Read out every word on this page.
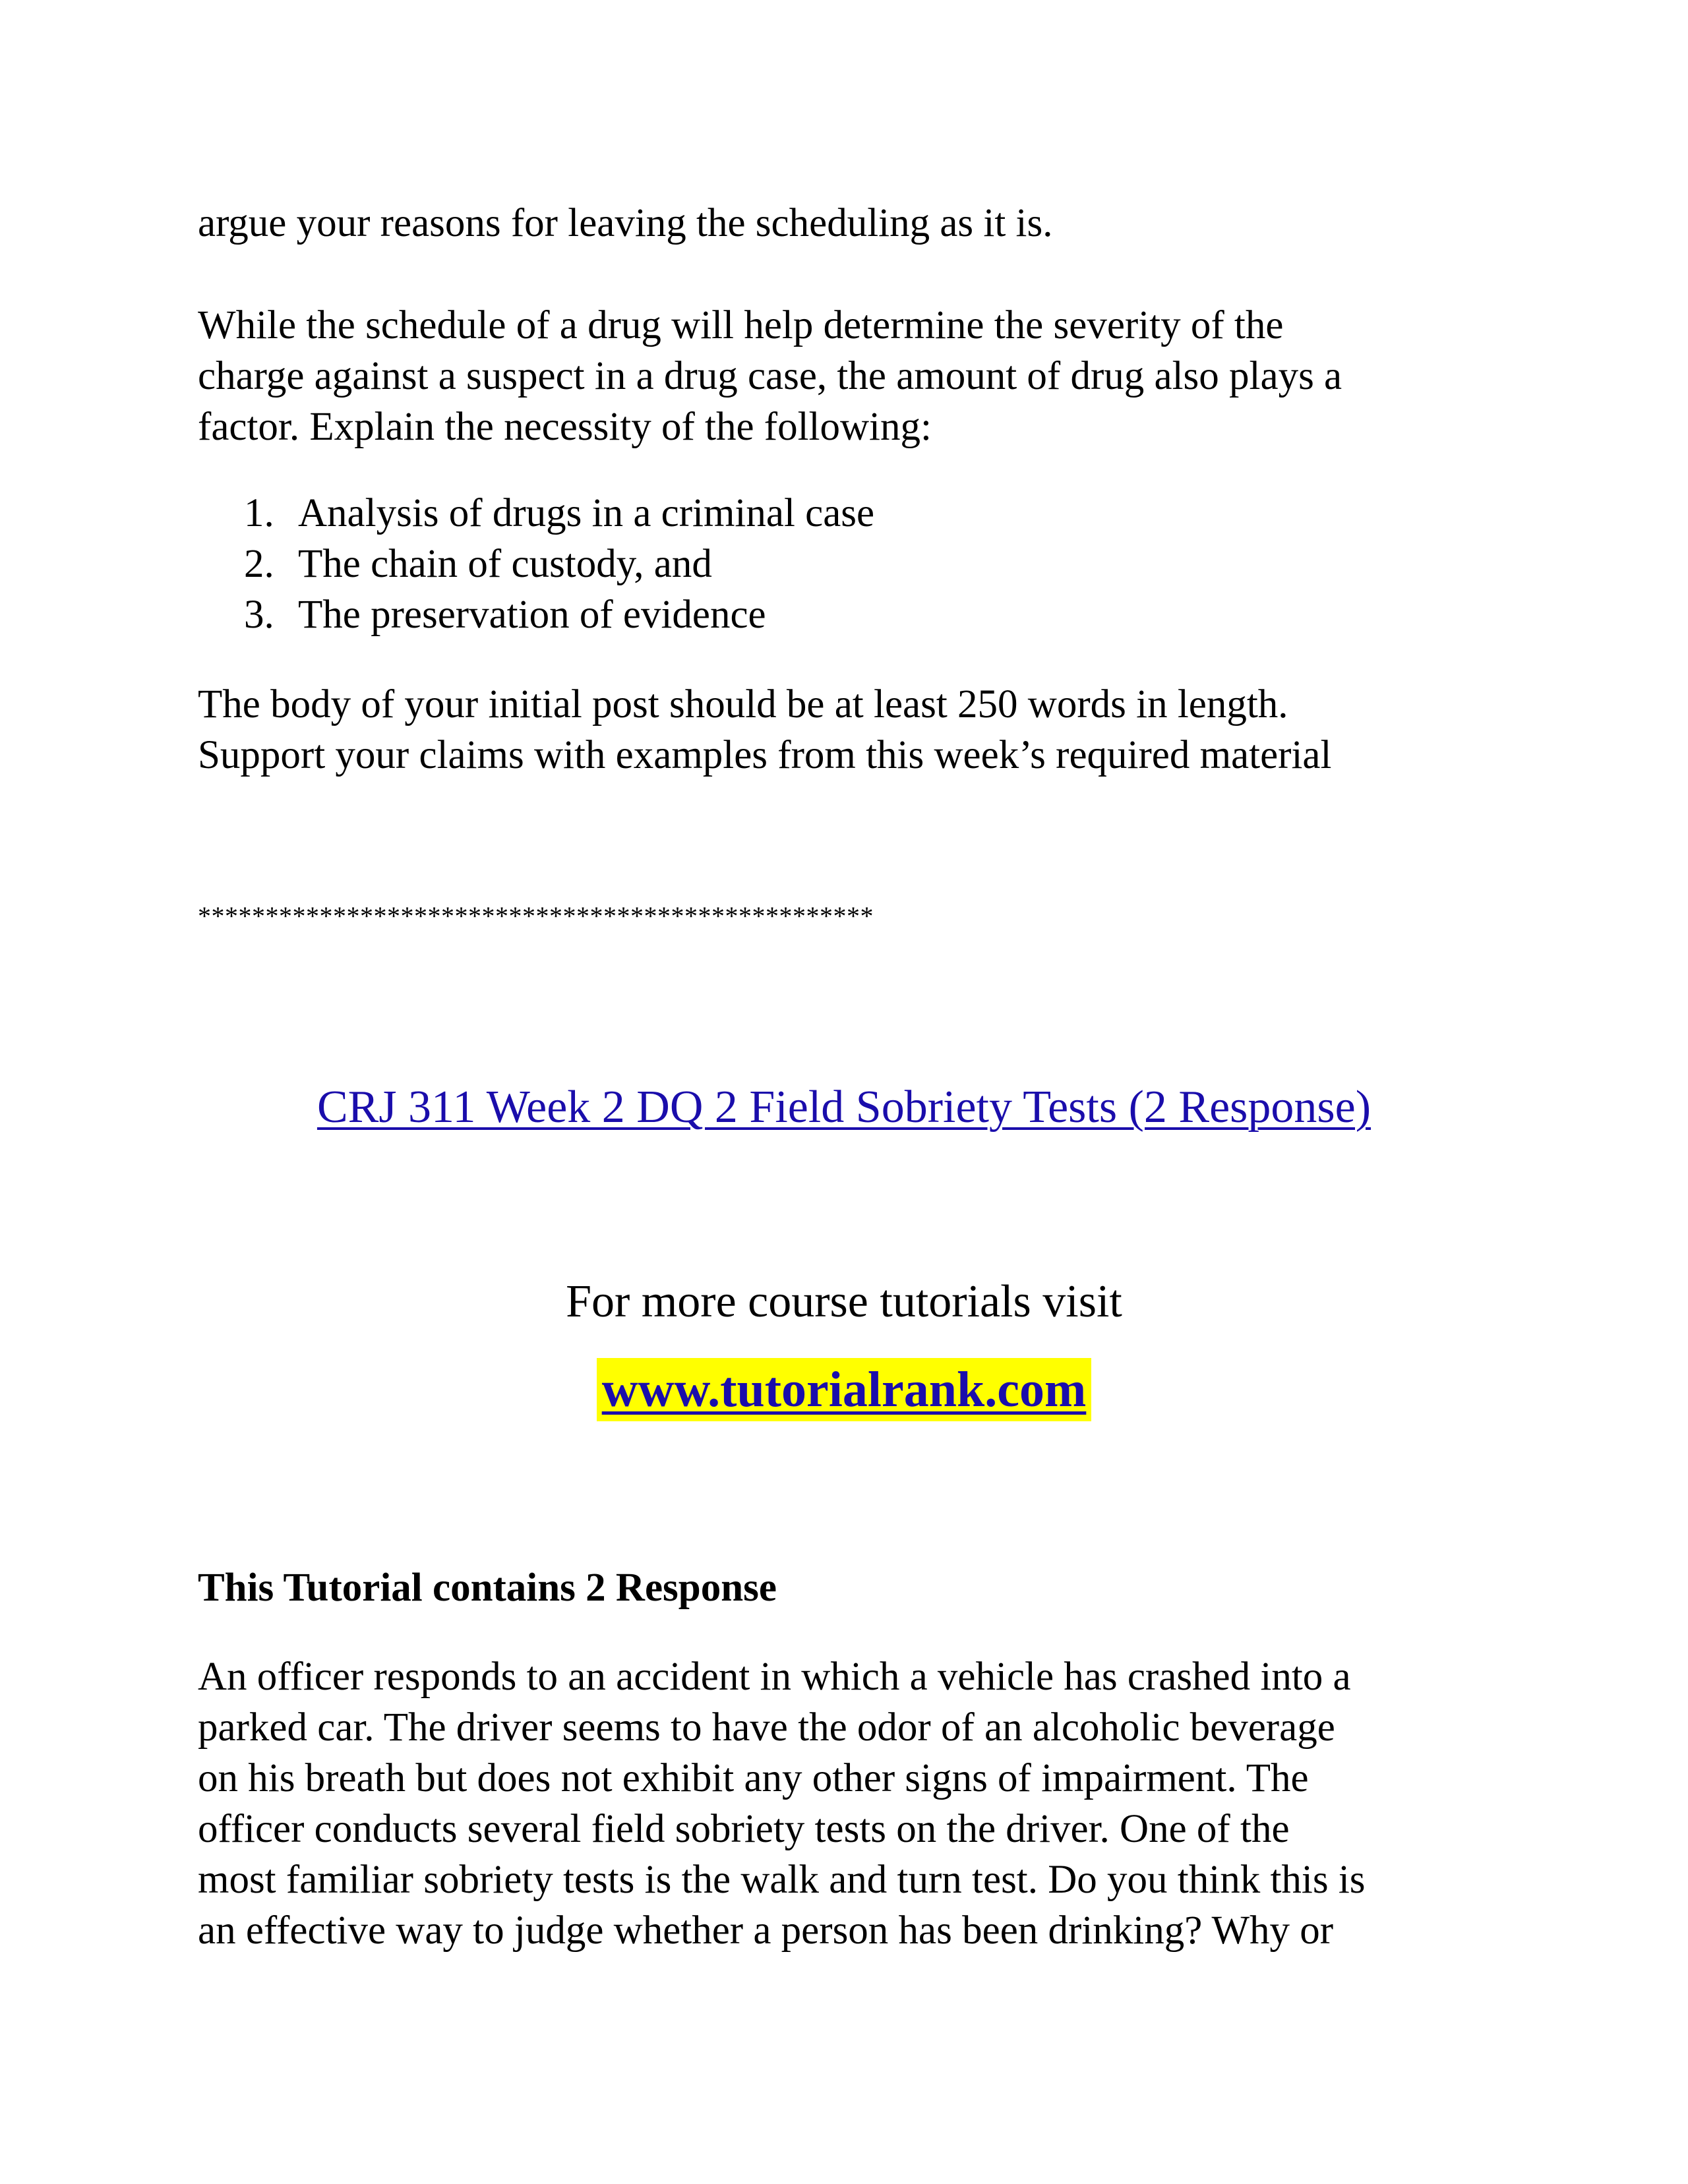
argue your reasons for leaving the scheduling as it is.

While the schedule of a drug will help determine the severity of the
charge against a suspect in a drug case, the amount of drug also plays a
factor. Explain the necessity of the following:

1. Analysis of drugs in a criminal case
2. The chain of custody, and
3. The preservation of evidence

The body of your initial post should be at least 250 words in length.
Support your claims with examples from this week’s required material

**************************************************
CRJ 311 Week 2 DQ 2 Field Sobriety Tests (2 Response)
For more course tutorials visit
www.tutorialrank.com
This Tutorial contains 2 Response

An officer responds to an accident in which a vehicle has crashed into a
parked car. The driver seems to have the odor of an alcoholic beverage
on his breath but does not exhibit any other signs of impairment. The
officer conducts several field sobriety tests on the driver. One of the
most familiar sobriety tests is the walk and turn test. Do you think this is
an effective way to judge whether a person has been drinking? Why or
